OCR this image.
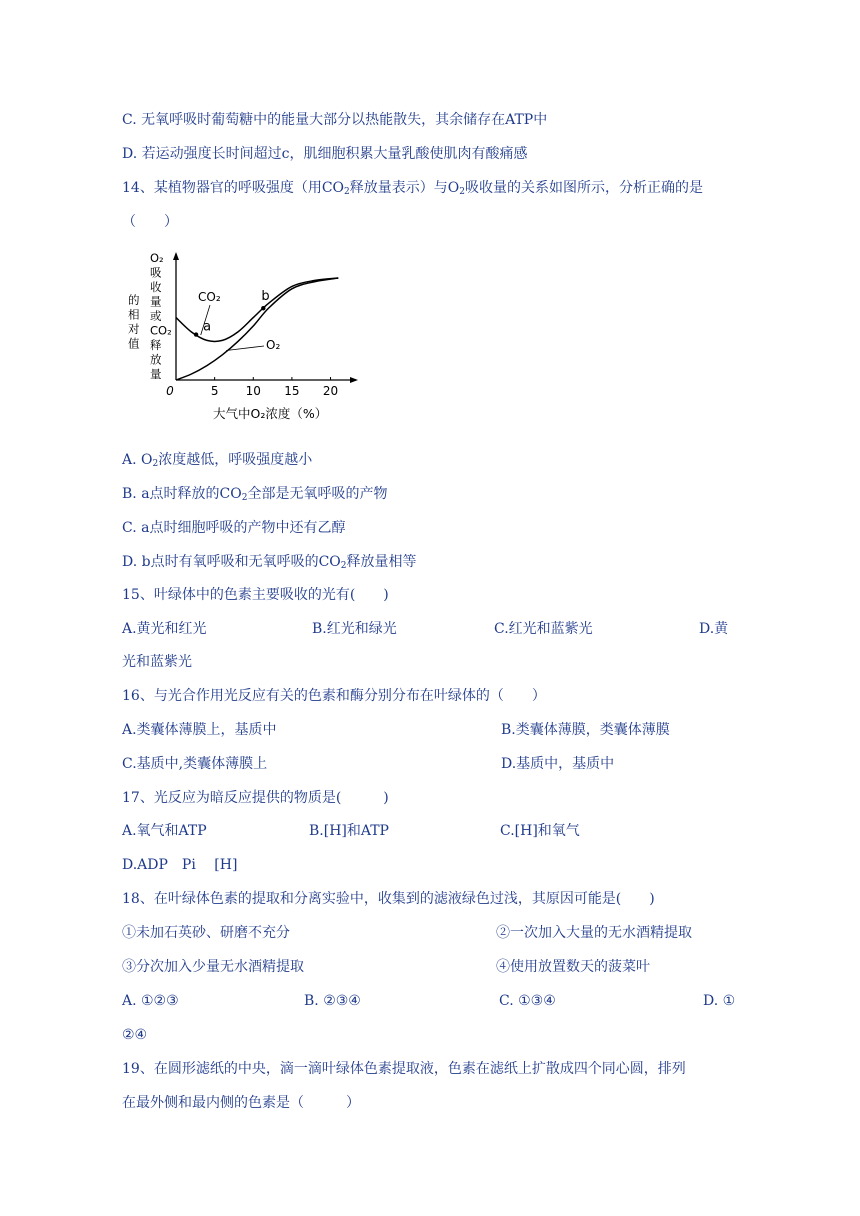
C. 无氧呼吸时葡萄糖中的能量大部分以热能散失，其余储存在ATP中
D. 若运动强度长时间超过c，肌细胞积累大量乳酸使肌肉有酸痛感
14、某植物器官的呼吸强度（用$CO_2$释放量表示）与$O_2$吸收量的关系如图所示，分析正确的是
（　　）
O₂
吸
收
量
或
CO₂
释
放
量
的
相
对
值
0	5 10 15 20
CO₂
O₂
a
b
大气中O₂浓度（%）
A. $O_2$浓度越低，呼吸强度越小
B. a点时释放的$CO_2$全部是无氧呼吸的产物
C. a点时细胞呼吸的产物中还有乙醇
D. b点时有氧呼吸和无氧呼吸的$CO_2$释放量相等
15、叶绿体中的色素主要吸收的光有(　　)
A.黄光和红光	B.红光和绿光	C.红光和蓝紫光	D.黄
光和蓝紫光
16、与光合作用光反应有关的色素和酶分别分布在叶绿体的（　　）
A.类囊体薄膜上，基质中	B.类囊体薄膜，类囊体薄膜
C.基质中,类囊体薄膜上	D.基质中，基质中
17、光反应为暗反应提供的物质是(　　　)
A.氧气和ATP	B.[H]和ATP	C.[H]和氧气
D.ADP　Pi　 [H]
18、在叶绿体色素的提取和分离实验中，收集到的滤液绿色过浅，其原因可能是(　　)
①未加石英砂、研磨不充分	②一次加入大量的无水酒精提取
③分次加入少量无水酒精提取	④使用放置数天的菠菜叶
A. ①②③	B. ②③④	C. ①③④	D. ①
②④
19、在圆形滤纸的中央，滴一滴叶绿体色素提取液，色素在滤纸上扩散成四个同心圆，排列
在最外侧和最内侧的色素是（　　　）
